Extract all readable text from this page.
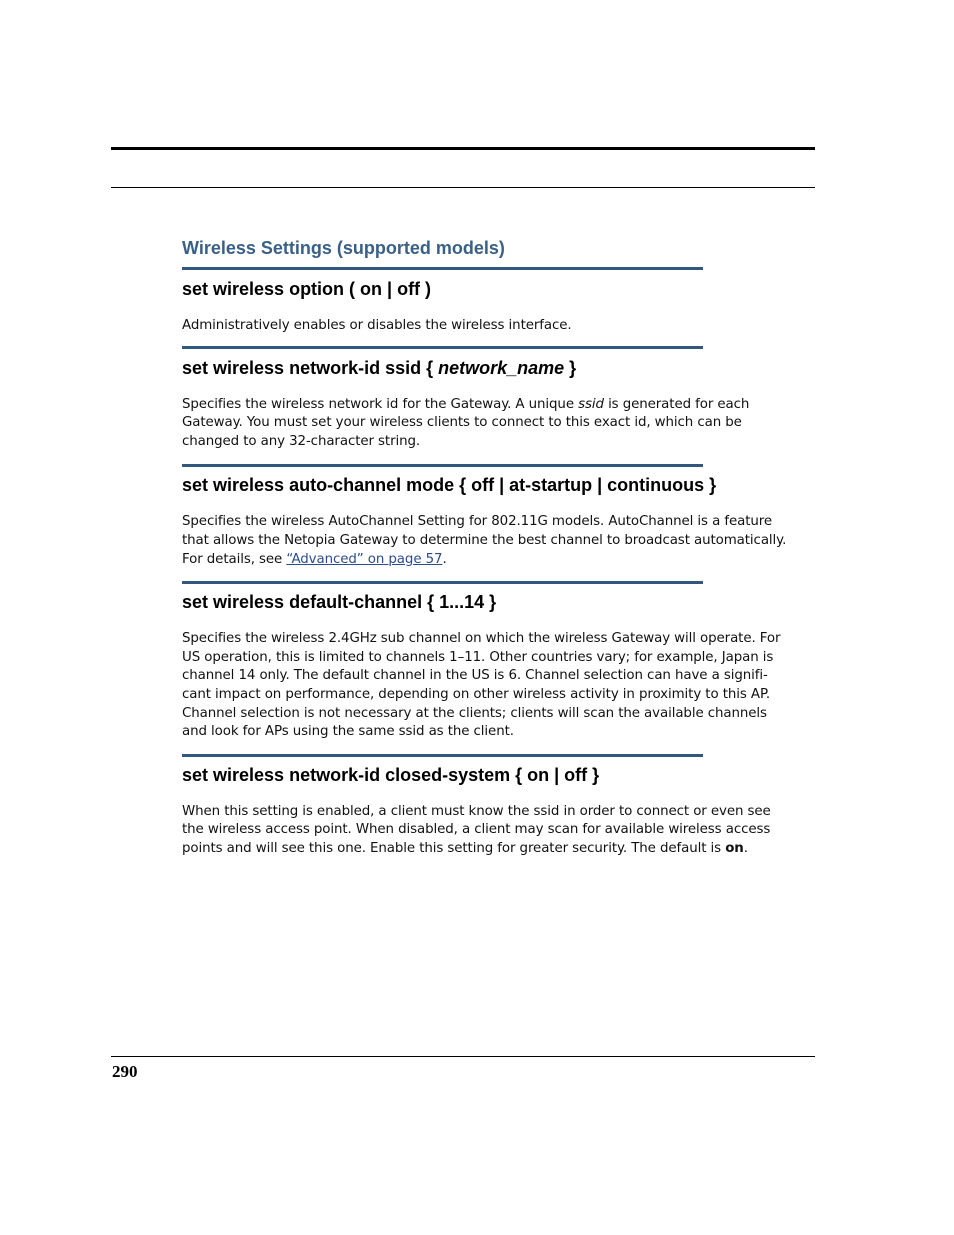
Wireless Settings (supported models)

set wireless option ( on | off )

Administratively enables or disables the wireless interface.

set wireless network-id ssid { network_name }

Specifies the wireless network id for the Gateway. A unique ssid is generated for each
Gateway. You must set your wireless clients to connect to this exact id, which can be
changed to any 32-character string.

set wireless auto-channel mode { off | at-startup | continuous }

Specifies the wireless AutoChannel Setting for 802.11G models. AutoChannel is a feature
that allows the Netopia Gateway to determine the best channel to broadcast automatically.
For details, see “Advanced” on page 57.

set wireless default-channel { 1...14 }

Specifies the wireless 2.4GHz sub channel on which the wireless Gateway will operate. For
US operation, this is limited to channels 1–11. Other countries vary; for example, Japan is
channel 14 only. The default channel in the US is 6. Channel selection can have a signifi-
cant impact on performance, depending on other wireless activity in proximity to this AP.
Channel selection is not necessary at the clients; clients will scan the available channels
and look for APs using the same ssid as the client.

set wireless network-id closed-system { on | off }

When this setting is enabled, a client must know the ssid in order to connect or even see
the wireless access point. When disabled, a client may scan for available wireless access
points and will see this one. Enable this setting for greater security. The default is on.

290
